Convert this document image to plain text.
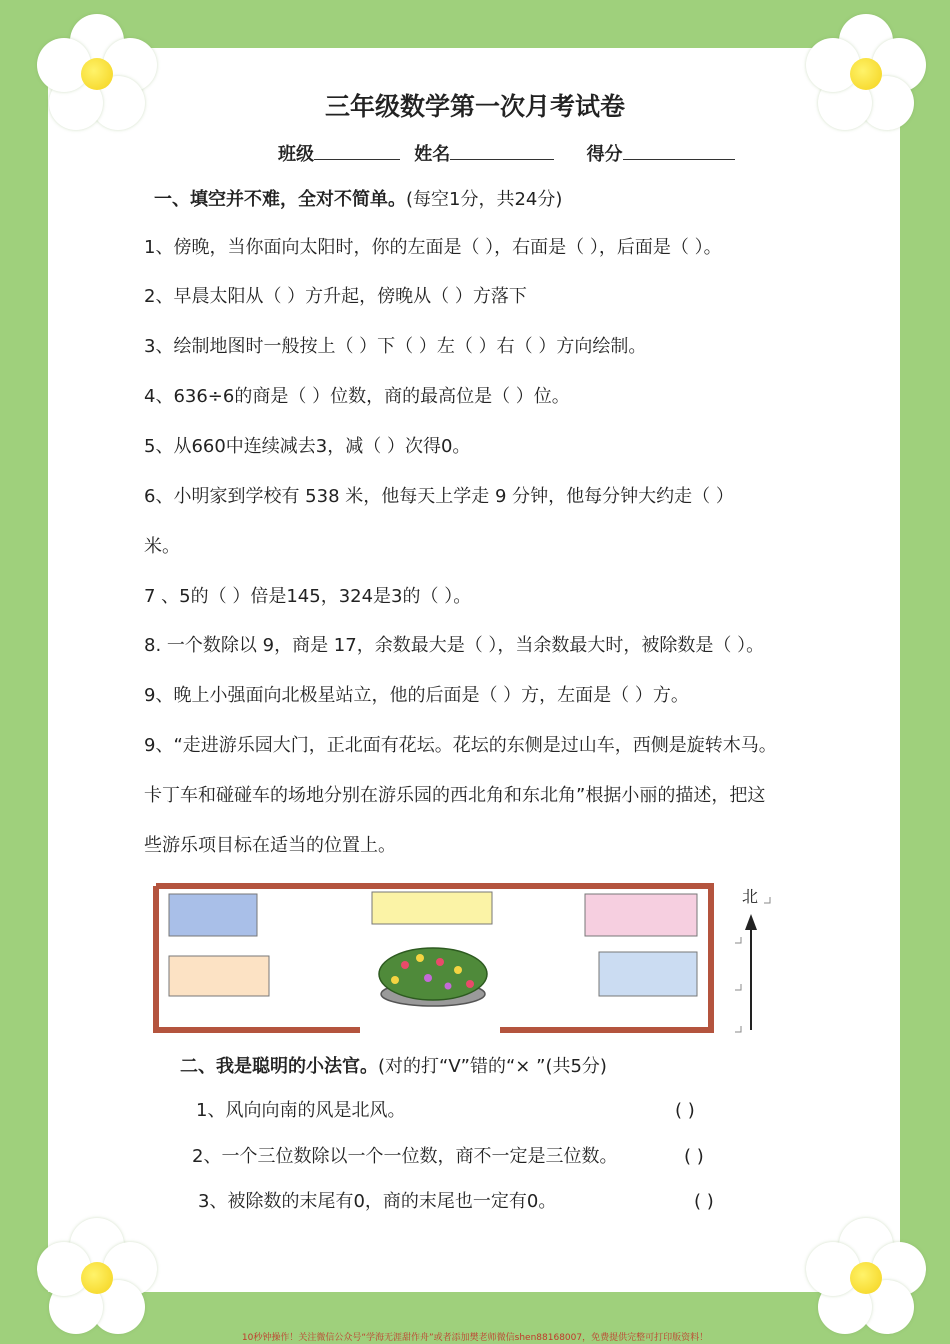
三年级数学第一次月考试卷
班级	姓名	得分
一、填空并不难，全对不简单。(每空1分，共24分)
1、傍晚，当你面向太阳时，你的左面是（ ），右面是（ ），后面是（ ）。
2、早晨太阳从（ ）方升起，傍晚从（ ）方落下
3、绘制地图时一般按上（ ）下（ ）左（ ）右（ ）方向绘制。
4、636÷6的商是（ ）位数，商的最高位是（ ）位。
5、从660中连续减去3，减（ ）次得0。
6、小明家到学校有 538 米，他每天上学走 9 分钟，他每分钟大约走（ ）
米。
7 、5的（ ）倍是145，324是3的（ ）。
8. 一个数除以 9，商是 17，余数最大是（ ），当余数最大时，被除数是（ ）。
9、晚上小强面向北极星站立，他的后面是（ ）方，左面是（ ）方。
9、“走进游乐园大门，正北面有花坛。花坛的东侧是过山车，西侧是旋转木马。
卡丁车和碰碰车的场地分别在游乐园的西北角和东北角”根据小丽的描述，把这
些游乐项目标在适当的位置上。
北
二、我是聪明的小法官。(对的打“V”错的“× ”(共5分)
1、风向向南的风是北风。	( )
2、一个三位数除以一个一位数，商不一定是三位数。	( )
3、被除数的末尾有0，商的末尾也一定有0。	( )
10秒钟操作！关注微信公众号“学海无涯甜作舟”或者添加樊老师微信shen88168007，免费提供完整可打印版资料！
